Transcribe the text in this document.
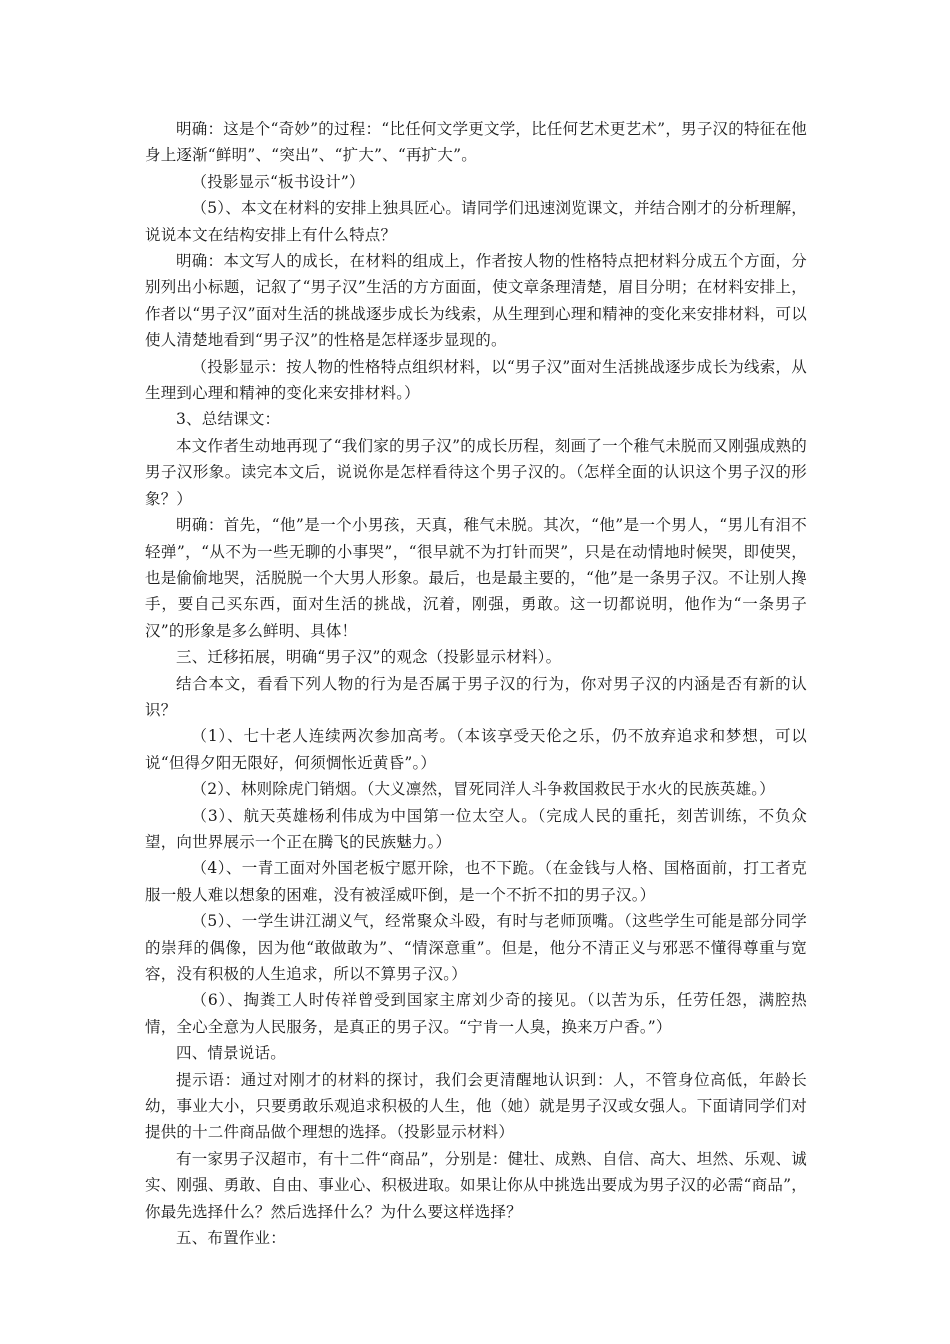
明确：这是个“奇妙”的过程：“比任何文学更文学，比任何艺术更艺术”，男子汉的特征在他身上逐渐“鲜明”、“突出”、“扩大”、“再扩大”。

（投影显示“板书设计”）

（5）、本文在材料的安排上独具匠心。请同学们迅速浏览课文，并结合刚才的分析理解，说说本文在结构安排上有什么特点？

明确：本文写人的成长，在材料的组成上，作者按人物的性格特点把材料分成五个方面，分别列出小标题，记叙了“男子汉”生活的方方面面，使文章条理清楚，眉目分明；在材料安排上，作者以“男子汉”面对生活的挑战逐步成长为线索，从生理到心理和精神的变化来安排材料，可以使人清楚地看到“男子汉”的性格是怎样逐步显现的。

（投影显示：按人物的性格特点组织材料，以“男子汉”面对生活挑战逐步成长为线索，从生理到心理和精神的变化来安排材料。）

3、总结课文：

本文作者生动地再现了“我们家的男子汉”的成长历程，刻画了一个稚气未脱而又刚强成熟的男子汉形象。读完本文后，说说你是怎样看待这个男子汉的。（怎样全面的认识这个男子汉的形象？）

明确：首先，“他”是一个小男孩，天真，稚气未脱。其次，“他”是一个男人，“男儿有泪不轻弹”，“从不为一些无聊的小事哭”，“很早就不为打针而哭”，只是在动情地时候哭，即使哭，也是偷偷地哭，活脱脱一个大男人形象。最后，也是最主要的，“他”是一条男子汉。不让别人搀手，要自己买东西，面对生活的挑战，沉着，刚强，勇敢。这一切都说明，他作为“一条男子汉”的形象是多么鲜明、具体！

三、迁移拓展，明确“男子汉”的观念（投影显示材料）。

结合本文，看看下列人物的行为是否属于男子汉的行为，你对男子汉的内涵是否有新的认识？

（1）、七十老人连续两次参加高考。（本该享受天伦之乐，仍不放弃追求和梦想，可以说“但得夕阳无限好，何须惆怅近黄昏”。）

（2）、林则除虎门销烟。（大义凛然，冒死同洋人斗争救国救民于水火的民族英雄。）

（3）、航天英雄杨利伟成为中国第一位太空人。（完成人民的重托，刻苦训练，不负众望，向世界展示一个正在腾飞的民族魅力。）

（4）、一青工面对外国老板宁愿开除，也不下跪。（在金钱与人格、国格面前，打工者克服一般人难以想象的困难，没有被淫威吓倒，是一个不折不扣的男子汉。）

（5）、一学生讲江湖义气，经常聚众斗殴，有时与老师顶嘴。（这些学生可能是部分同学的崇拜的偶像，因为他“敢做敢为”、“情深意重”。但是，他分不清正义与邪恶不懂得尊重与宽容，没有积极的人生追求，所以不算男子汉。）

（6）、掏粪工人时传祥曾受到国家主席刘少奇的接见。（以苦为乐，任劳任怨，满腔热情，全心全意为人民服务，是真正的男子汉。“宁肯一人臭，换来万户香。”）

四、情景说话。

提示语：通过对刚才的材料的探讨，我们会更清醒地认识到：人，不管身位高低，年龄长幼，事业大小，只要勇敢乐观追求积极的人生，他（她）就是男子汉或女强人。下面请同学们对提供的十二件商品做个理想的选择。（投影显示材料）

有一家男子汉超市，有十二件“商品”，分别是：健壮、成熟、自信、高大、坦然、乐观、诚实、刚强、勇敢、自由、事业心、积极进取。如果让你从中挑选出要成为男子汉的必需“商品”，你最先选择什么？然后选择什么？为什么要这样选择？

五、布置作业：
